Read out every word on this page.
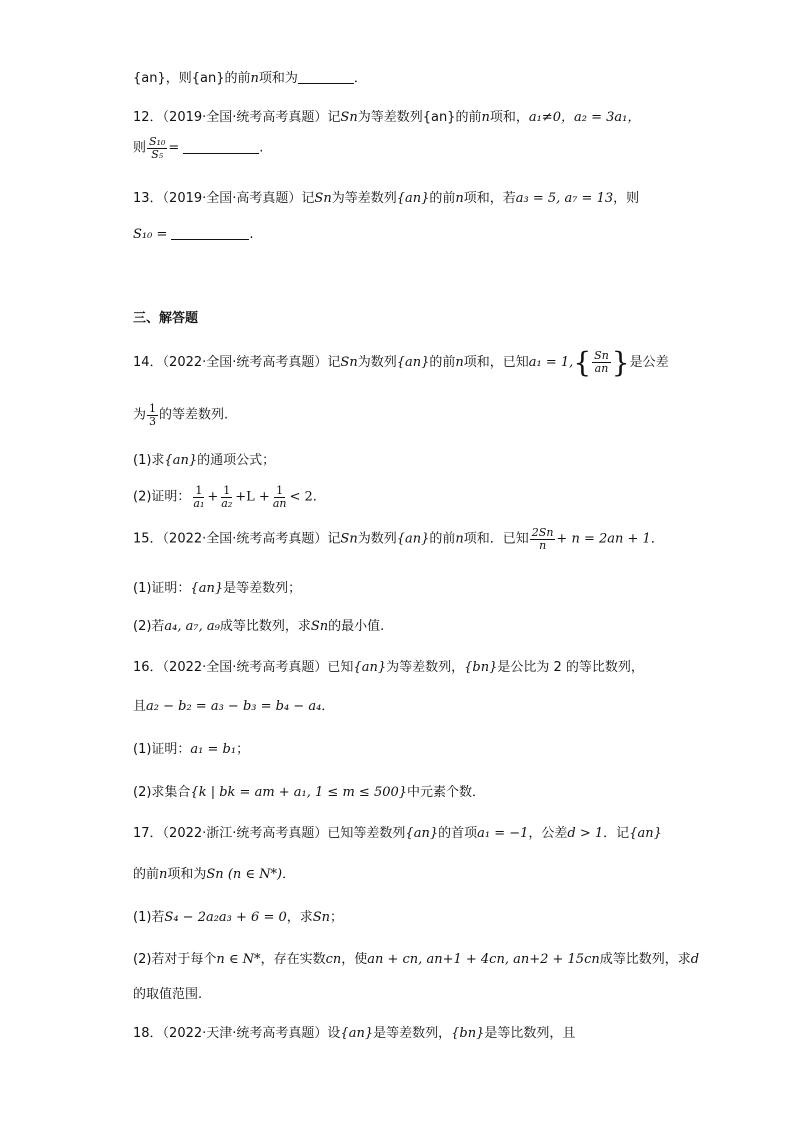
{an}，则{an}的前n项和为	．
12．（2019·全国·统考高考真题）记Sn为等差数列{an}的前n项和，a₁≠0，a₂ = 3a₁，
则 $\frac{\text{S₁₀}}{\text{S₅}}$ =	.
13．（2019·全国·高考真题）记Sn为等差数列{an}的前n项和，若a₃ = 5, a₇ = 13，则
S₁₀ =	.
三、解答题
14．（2022·全国·统考高考真题）记Sn为数列{an}的前n项和，已知$a_1 = 1,\{ \frac{Sn}{an}$ }是公差
为 $\frac{1}{3}$ 的等差数列.
(1)求{an}的通项公式；
(2)证明： $\frac{1}{\text{a₁}} + \frac{1}{\text{a₂}} +L + \frac{1}{an} < 2$.
15．（2022·全国·统考高考真题）记Sn为数列{an}的前n项和．已知 $\frac{2Sn}{n} + n = 2an + 1$．
(1)证明：{an}是等差数列；
(2)若a₄, a₇, a₉成等比数列，求Sn的最小值.
16．（2022·全国·统考高考真题）已知{an}为等差数列，{bn}是公比为 2 的等比数列，
且a₂ − b₂ = a₃ − b₃ = b₄ − a₄．
(1)证明：a₁ = b₁；
(2)求集合{k | bk = am + a₁, 1 ≤ m ≤ 500}中元素个数．
17．（2022·浙江·统考高考真题）已知等差数列{an}的首项a₁ = −1，公差d > 1．记{an}
的前n项和为Sn (n ∈ N*)．
(1)若S₄ − 2a₂a₃ + 6 = 0，求Sn；
(2)若对于每个n ∈ N*，存在实数cn，使an + cn, an+1 + 4cn, an+2 + 15cn成等比数列，求d
的取值范围.
18．（2022·天津·统考高考真题）设{an}是等差数列，{bn}是等比数列，且
